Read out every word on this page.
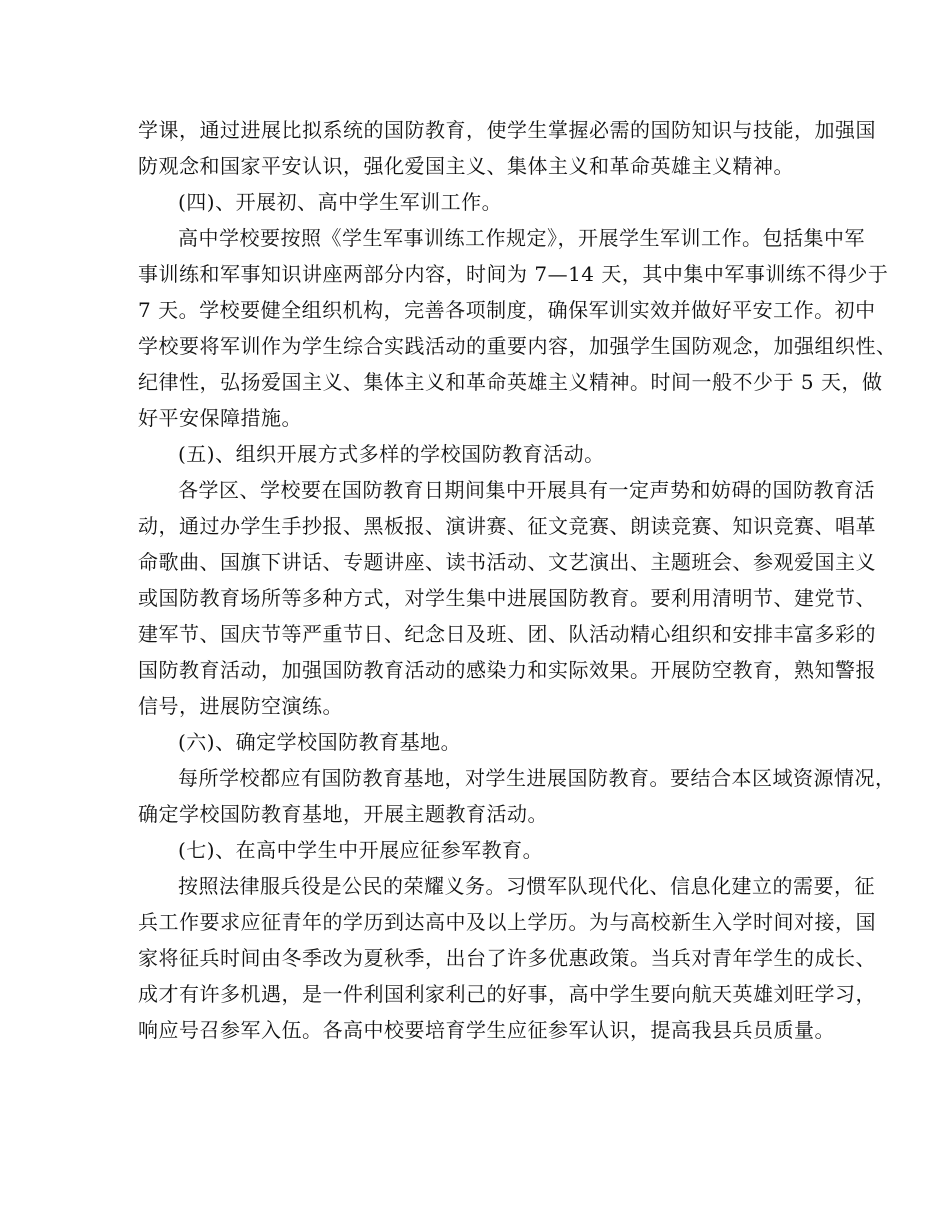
学课，通过进展比拟系统的国防教育，使学生掌握必需的国防知识与技能，加强国
防观念和国家平安认识，强化爱国主义、集体主义和革命英雄主义精神。
(四)、开展初、高中学生军训工作。
高中学校要按照《学生军事训练工作规定》，开展学生军训工作。包括集中军
事训练和军事知识讲座两部分内容，时间为 7—14 天，其中集中军事训练不得少于
7 天。学校要健全组织机构，完善各项制度，确保军训实效并做好平安工作。初中
学校要将军训作为学生综合实践活动的重要内容，加强学生国防观念，加强组织性、
纪律性，弘扬爱国主义、集体主义和革命英雄主义精神。时间一般不少于 5 天，做
好平安保障措施。
(五)、组织开展方式多样的学校国防教育活动。
各学区、学校要在国防教育日期间集中开展具有一定声势和妨碍的国防教育活
动，通过办学生手抄报、黑板报、演讲赛、征文竞赛、朗读竞赛、知识竞赛、唱革
命歌曲、国旗下讲话、专题讲座、读书活动、文艺演出、主题班会、参观爱国主义
或国防教育场所等多种方式，对学生集中进展国防教育。要利用清明节、建党节、
建军节、国庆节等严重节日、纪念日及班、团、队活动精心组织和安排丰富多彩的
国防教育活动，加强国防教育活动的感染力和实际效果。开展防空教育，熟知警报
信号，进展防空演练。
(六)、确定学校国防教育基地。
每所学校都应有国防教育基地，对学生进展国防教育。要结合本区域资源情况，
确定学校国防教育基地，开展主题教育活动。
(七)、在高中学生中开展应征参军教育。
按照法律服兵役是公民的荣耀义务。习惯军队现代化、信息化建立的需要，征
兵工作要求应征青年的学历到达高中及以上学历。为与高校新生入学时间对接，国
家将征兵时间由冬季改为夏秋季，出台了许多优惠政策。当兵对青年学生的成长、
成才有许多机遇，是一件利国利家利己的好事，高中学生要向航天英雄刘旺学习，
响应号召参军入伍。各高中校要培育学生应征参军认识，提高我县兵员质量。
